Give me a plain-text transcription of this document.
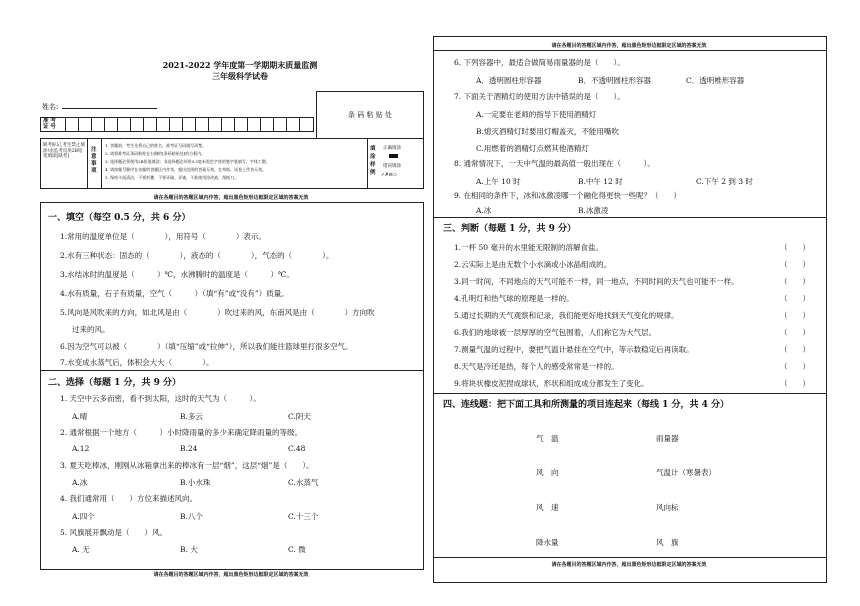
2021-2022 学年度第一学期期末质量监测
三年级科学试卷
姓名:
条 码 粘 贴 处
准 考
证 号
缺考标记,考生禁止填涂!由监考员用2B铅笔填涂[缺考]
注
意
事
项
1. 答题前，考生先将自己的姓名、准考证号码填写清楚。
2. 请将准考证条码粘贴在右侧的[条码粘贴处]的方框内。
3. 选择题必须使用2B铅笔填涂；非选择题必须用0.5毫米黑色字迹的签字笔填写，字体工整。
4. 请按题号顺序在各题的答题区内作答，超出范围的答案无效，在草纸、试卷上作答无效。
5. 保持卡面清洁，不要折叠，不要弄破、弄皱，不准使用涂改液、刮纸刀。
填
涂
样
例
正确填涂
错误填涂
✓✗⊘▭
请在各题目的答题区域内作答，超出黑色矩形边框限定区域的答案无效
一、填空（每空 0.5 分，共 6 分）
1.常用的温度单位是（　　　　），用符号（　　　　）表示。
2.水有三种状态：固态的（　　　　），液态的（　　　　），气态的（　　　　）。
3.水结冰时的温度是（　　　）℃，水沸腾时的温度是（　　　）℃。
4.水有质量，石子有质量，空气（　　　）（填“有”或“没有”）质量。
5.风向是风吹来的方向，如北风是由（　　　　）吹过来的风，东南风是由（　　　　）方向吹
过来的风。
6.因为空气可以被（　　　　）（填“压缩”或“拉伸”），所以我们能往篮球里打很多空气。
7.水变成水蒸气后，体积会大大（　　　　）。
二、选择（每题 1 分，共 9 分）
1. 天空中云多而密，看不到太阳，这时的天气为（　　　）。
A.晴	B.多云	C.阴天
2. 通常根据一个地方（　　　）小时降雨量的多少来确定降雨量的等级。
A.12	B.24	C.48
3. 夏天吃棒冰，刚刚从冰箱拿出来的棒冰有一层“烟”，这层“烟”是（　　）。
A.冰	B.小水珠	C.水蒸气
4. 我们通常用（　　）方位来描述风向。
A.四个	B.八个	C.十三个
5. 风旗展开飘动是（　　）风。
A. 无	B. 大	C. 微
请在各题目的答题区域内作答，超出黑色矩形边框限定区域的答案无效
请在各题目的答题区域内作答，超出黑色矩形边框限定区域的答案无效
6. 下列容器中，最适合做简易雨量器的是（　　）。
A．透明圆柱形容器	B．不透明圆柱形容器	C．透明椎形容器
7. 下面关于酒精灯的使用方法中错误的是（　　）。
A.一定要在老师的指导下使用酒精灯
B.熄灭酒精灯时要用灯帽盖灭，不能用嘴吹
C.用燃着的酒精灯点燃其他酒精灯
8. 通常情况下，一天中气温的最高值一般出现在（　　　）。
A.上午 10 时	B.中午 12 时	C.下午 2 到 3 时
9. 在相同的条件下，冰和冰激凌哪一个融化得更快一些呢？（　　）
A.冰	B.冰激凌
三、判断（每题 1 分，共 9 分）
1.一杯 50 毫升的水里能无限制的溶解食盐。	（　　）
2.云实际上是由无数个小水滴或小冰晶组成的。	（　　）
3.同一时间，不同地点的天气可能不一样，同一地点，不同时间的天气也可能不一样。	（　　）
4.孔明灯和热气球的原理是一样的。	（　　）
5.通过长期的天气观察和记录，我们能更好地找到天气变化的规律。	（　　）
6.我们的地球被一层厚厚的空气包围着，人们称它为大气层。	（　　）
7.测量气温的过程中，要把气温计悬挂在空气中，等示数稳定后再读取。	（　　）
8.天气是冷还是热，每个人的感受常常是一样的。	（　　）
9.将块状橡皮泥捏成球状，形状和组成成分都发生了变化。	（　　）
四、连线题：把下面工具和所测量的项目连起来（每线 1 分，共 4 分）
气　温	雨量器
风　向	气温计（寒暑表）
风　速	风向标
降水量	风　旗
请在各题目的答题区域内作答，超出黑色矩形边框限定区域的答案无效
